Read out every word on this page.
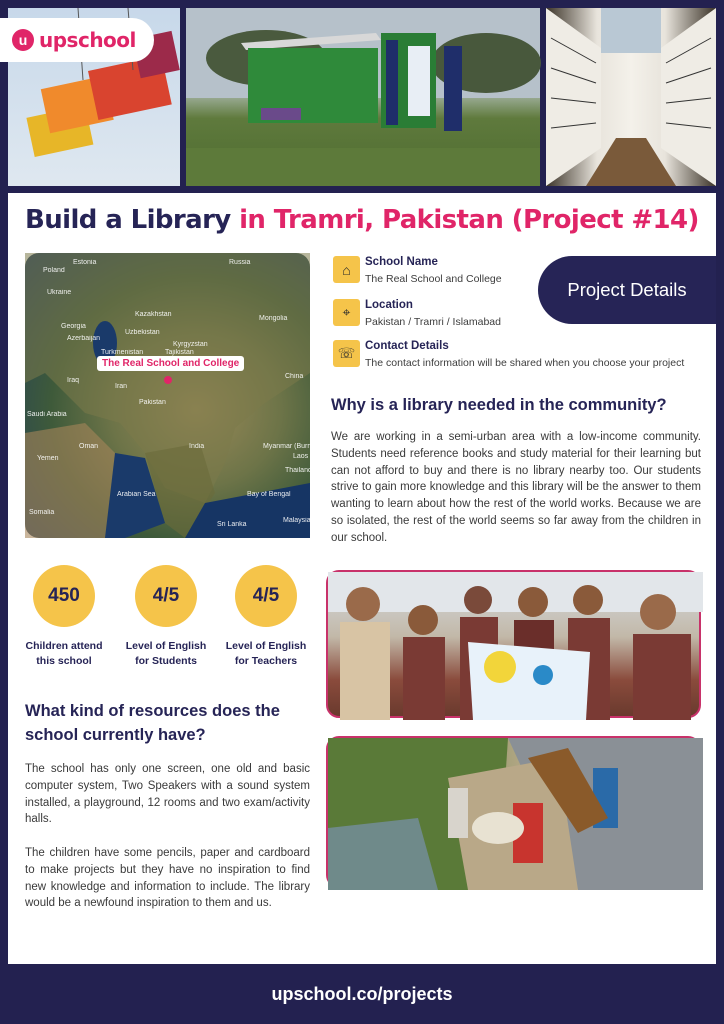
u upschool
Build a Library in Tramri, Pakistan (Project #14)
Estonia	Russia
Poland
Ukraine
Kazakhstan
Mongolia
Georgia
Azerbaijan
Kyrgyzstan
Uzbekistan
Turkmenistan	Tajikistan
Iraq
Iran
China
Pakistan
Saudi Arabia
Oman
Yemen
India	Myanmar (Burma)
Laos
Thailand
Arabian Sea	Bay of Bengal
Sri Lanka
Somalia
Malaysia
The Real School and College
⌂	School Name
The Real School and College
⌖	Location
Pakistan / Tramri / Islamabad
☏ Contact Details
The contact information will be shared when you choose your project
Project Details
Why is a library needed in the community?
We are working in a semi-urban area with a low-income community. Students need reference books and study material for their learning but can not afford to buy and there is no library nearby too. Our students strive to gain more knowledge and this library will be the answer to them wanting to learn about how the rest of the world works. Because we are so isolated, the rest of the world seems so far away from the children in our school.
450
Children attend
this school
4/5
Level of English
for Students
4/5
Level of English
for Teachers
What kind of resources does the
school currently have?
The school has only one screen, one old and basic computer system, Two Speakers with a sound system installed, a playground, 12 rooms and two exam/activity halls.
The children have some pencils, paper and cardboard to make projects but they have no inspiration to find new knowledge and information to include. The library would be a newfound inspiration to them and us.
upschool.co/projects
